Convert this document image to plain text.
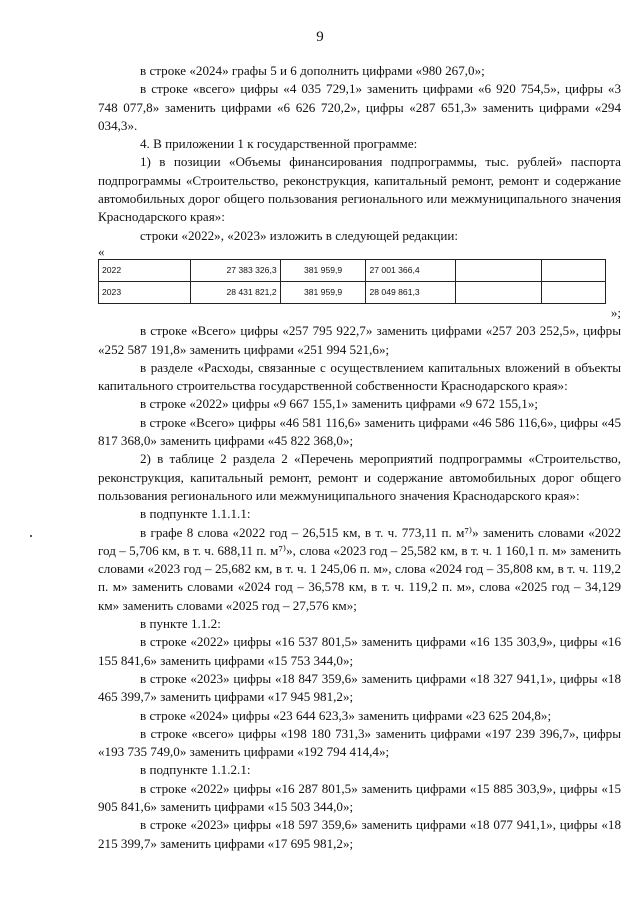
9

в строке «2024» графы 5 и 6 дополнить цифрами «980 267,0»;

в строке «всего» цифры «4 035 729,1» заменить цифрами «6 920 754,5», цифры «3 748 077,8» заменить цифрами «6 626 720,2», цифры «287 651,3» заменить цифрами «294 034,3».

4. В приложении 1 к государственной программе:

1) в позиции «Объемы финансирования подпрограммы, тыс. рублей» паспорта подпрограммы «Строительство, реконструкция, капитальный ремонт, ремонт и содержание автомобильных дорог общего пользования регионального или межмуниципального значения Краснодарского края»:

строки «2022», «2023» изложить в следующей редакции:

«

2022	27 383 326,3	381 959,9	27 001 366,4		
2023	28 431 821,2	381 959,9	28 049 861,3		

»;

в строке «Всего» цифры «257 795 922,7» заменить цифрами «257 203 252,5», цифры «252 587 191,8» заменить цифрами «251 994 521,6»;

в разделе «Расходы, связанные с осуществлением капитальных вложений в объекты капитального строительства государственной собственности Краснодарского края»:

в строке «2022» цифры «9 667 155,1» заменить цифрами «9 672 155,1»;

в строке «Всего» цифры «46 581 116,6» заменить цифрами «46 586 116,6», цифры «45 817 368,0» заменить цифрами «45 822 368,0»;

2) в таблице 2 раздела 2 «Перечень мероприятий подпрограммы «Строительство, реконструкция, капитальный ремонт, ремонт и содержание автомобильных дорог общего пользования регионального или межмуниципального значения Краснодарского края»:

в подпункте 1.1.1.1:

в графе 8 слова «2022 год – 26,515 км, в т. ч. 773,11 п. м⁷⁾» заменить словами «2022 год – 5,706 км, в т. ч. 688,11 п. м⁷⁾», слова «2023 год – 25,582 км, в т. ч. 1 160,1 п. м» заменить словами «2023 год – 25,682 км, в т. ч. 1 245,06 п. м», слова «2024 год – 35,808 км, в т. ч. 119,2 п. м» заменить словами «2024 год – 36,578 км, в т. ч. 119,2 п. м», слова «2025 год – 34,129 км» заменить словами «2025 год – 27,576 км»;

в пункте 1.1.2:

в строке «2022» цифры «16 537 801,5» заменить цифрами «16 135 303,9», цифры «16 155 841,6» заменить цифрами «15 753 344,0»;

в строке «2023» цифры «18 847 359,6» заменить цифрами «18 327 941,1», цифры «18 465 399,7» заменить цифрами «17 945 981,2»;

в строке «2024» цифры «23 644 623,3» заменить цифрами «23 625 204,8»;

в строке «всего» цифры «198 180 731,3» заменить цифрами «197 239 396,7», цифры «193 735 749,0» заменить цифрами «192 794 414,4»;

в подпункте 1.1.2.1:

в строке «2022» цифры «16 287 801,5» заменить цифрами «15 885 303,9», цифры «15 905 841,6» заменить цифрами «15 503 344,0»;

в строке «2023» цифры «18 597 359,6» заменить цифрами «18 077 941,1», цифры «18 215 399,7» заменить цифрами «17 695 981,2»;
